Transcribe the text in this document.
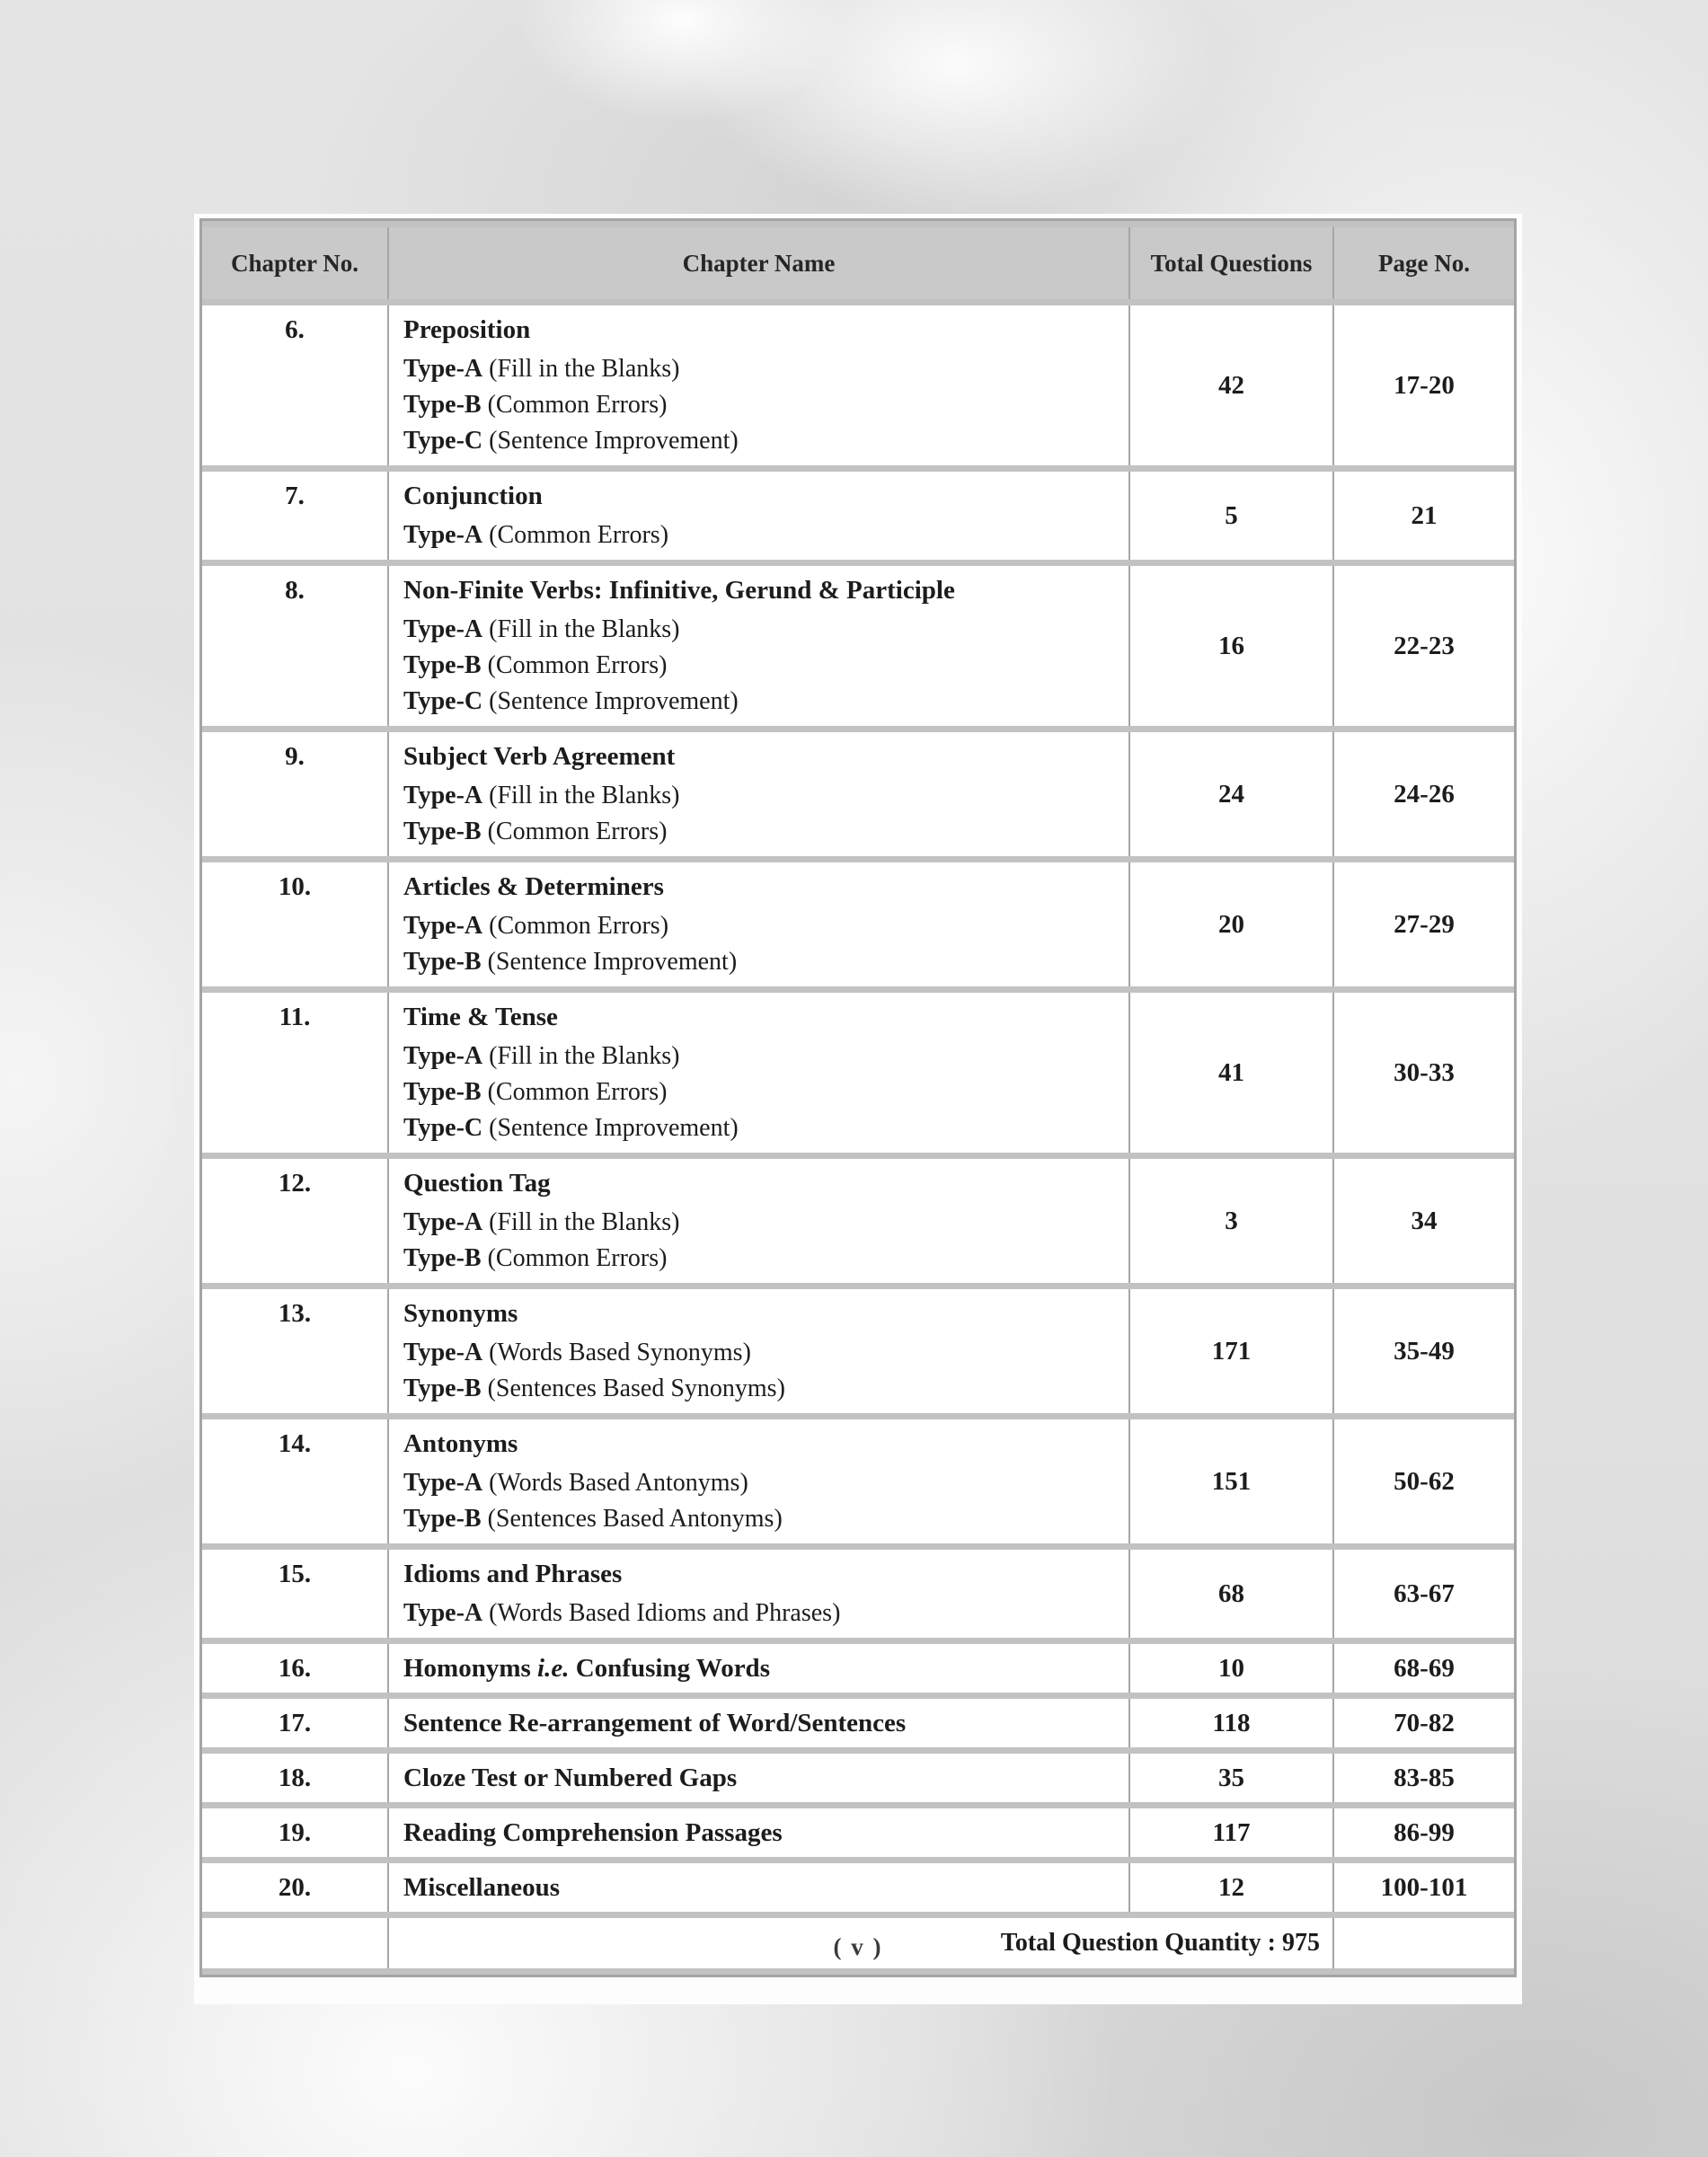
Chapter No.	Chapter Name	Total Questions	Page No.
6.	Preposition
Type-A (Fill in the Blanks)
Type-B (Common Errors)
Type-C (Sentence Improvement)	42	17-20
7.	Conjunction
Type-A (Common Errors)	5	21
8.	Non-Finite Verbs: Infinitive, Gerund & Participle
Type-A (Fill in the Blanks)
Type-B (Common Errors)
Type-C (Sentence Improvement)	16	22-23
9.	Subject Verb Agreement
Type-A (Fill in the Blanks)
Type-B (Common Errors)	24	24-26
10.	Articles & Determiners
Type-A (Common Errors)
Type-B (Sentence Improvement)	20	27-29
11.	Time & Tense
Type-A (Fill in the Blanks)
Type-B (Common Errors)
Type-C (Sentence Improvement)	41	30-33
12.	Question Tag
Type-A (Fill in the Blanks)
Type-B (Common Errors)	3	34
13.	Synonyms
Type-A (Words Based Synonyms)
Type-B (Sentences Based Synonyms)	171	35-49
14.	Antonyms
Type-A (Words Based Antonyms)
Type-B (Sentences Based Antonyms)	151	50-62
15.	Idioms and Phrases
Type-A (Words Based Idioms and Phrases)	68	63-67
16.	Homonyms i.e. Confusing Words	10	68-69
17.	Sentence Re-arrangement of Word/Sentences	118	70-82
18.	Cloze Test or Numbered Gaps	35	83-85
19.	Reading Comprehension Passages	117	86-99
20.	Miscellaneous	12	100-101
	Total Question Quantity : 975		
( v )
